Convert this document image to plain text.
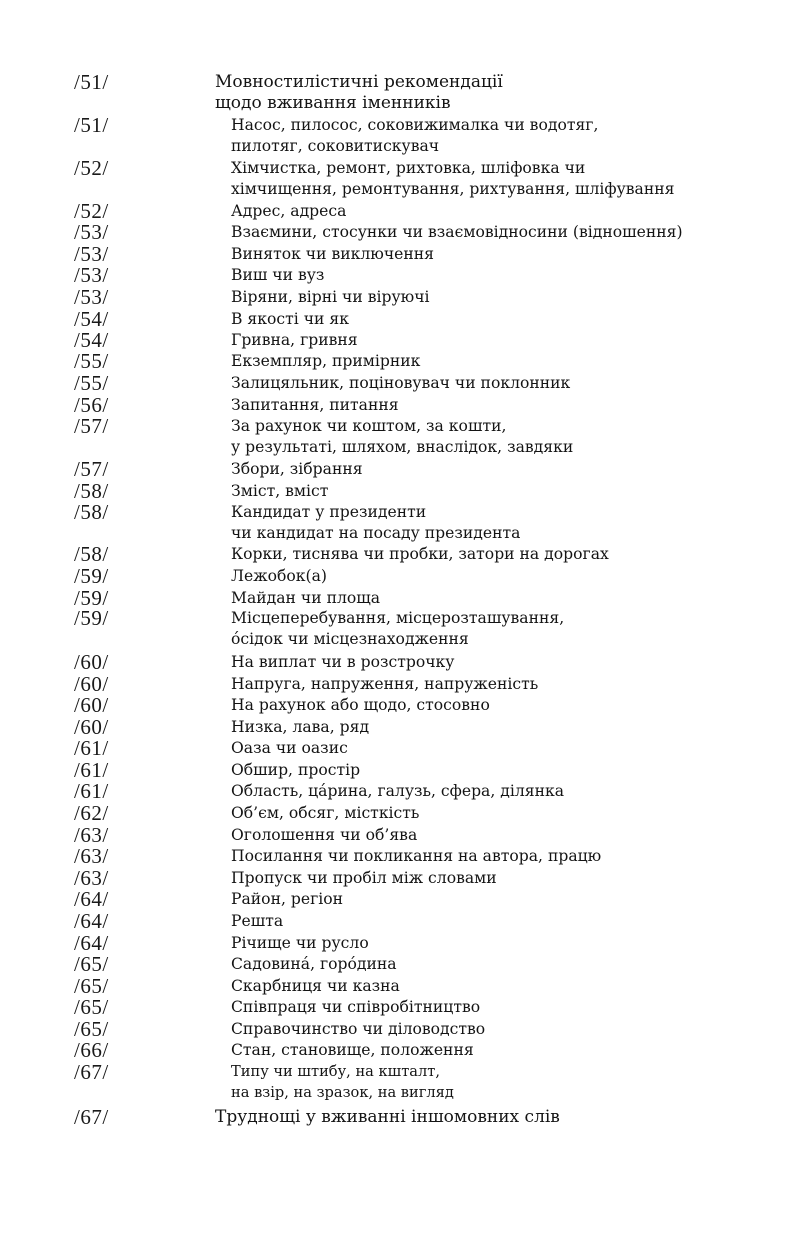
/51/	Мовностилістичні рекомендації
щодо вживання іменників
/51/	Насос, пилосос, соковижималка чи водотяг,
пилотяг, соковитискувач
/52/	Хімчистка, ремонт, рихтовка, шліфовка чи
хімчищення, ремонтування, рихтування, шліфування
/52/	Адрес, адреса
/53/	Взаємини, стосунки чи взаємовідносини (відношення)
/53/	Виняток чи виключення
/53/	Виш чи вуз
/53/	Віряни, вірні чи віруючі
/54/	В якості чи як
/54/	Гривна, гривня
/55/	Екземпляр, примірник
/55/	Залицяльник, поціновувач чи поклонник
/56/	Запитання, питання
/57/	За рахунок чи коштом, за кошти,
у результаті, шляхом, внаслідок, завдяки
/57/	Збори, зібрання
/58/	Зміст, вміст
/58/	Кандидат у президенти
чи кандидат на посаду президента
/58/	Корки, тиснява чи пробки, затори на дорогах
/59/	Лежобок(а)
/59/	Майдан чи площа
/59/	Місцеперебування, місцерозташування,
о́сідок чи місцезнаходження
/60/	На виплат чи в розстрочку
/60/	Напруга, напруження, напруженість
/60/	На рахунок або щодо, стосовно
/60/	Низка, лава, ряд
/61/	Оаза чи оазис
/61/	Обшир, простір
/61/	Область, ца́рина, галузь, сфера, ділянка
/62/	Об’єм, обсяг, місткість
/63/	Оголошення чи об’ява
/63/	Посилання чи покликання на автора, працю
/63/	Пропуск чи пробіл між словами
/64/	Район, регіон
/64/	Решта
/64/	Річище чи русло
/65/	Садовина́, горо́дина
/65/	Скарбниця чи казна
/65/	Співпраця чи співробітництво
/65/	Справочинство чи діловодство
/66/	Стан, становище, положення
/67/	Типу чи штибу, на кшталт,
на взір, на зразок, на вигляд
/67/	Труднощі у вживанні іншомовних слів
